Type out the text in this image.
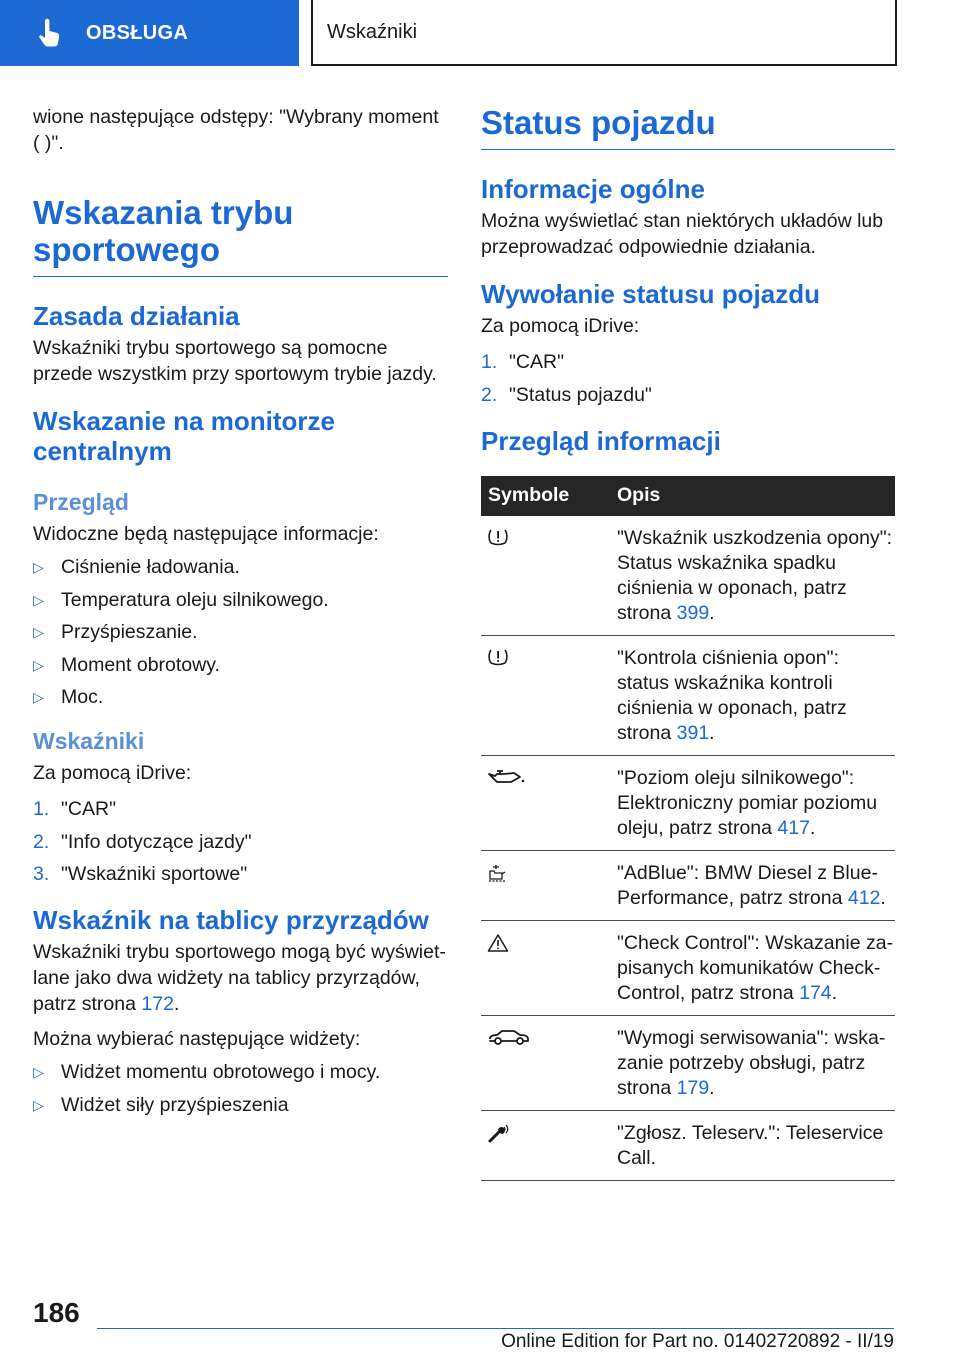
OBSŁUGA	Wskaźniki

wione następujące odstępy: "Wybrany moment ( )".

Wskazania trybu sportowego
Zasada działania

Wskaźniki trybu sportowego są pomocne przede wszystkim przy sportowym trybie jazdy.

Wskazanie na monitorze centralnym
Przegląd

Widoczne będą następujące informacje:

▷ Ciśnienie ładowania.
▷ Temperatura oleju silnikowego.
▷ Przyśpieszanie.
▷ Moment obrotowy.
▷ Moc.
Wskaźniki

Za pomocą iDrive:

1. "CAR"
2. "Info dotyczące jazdy"
3. "Wskaźniki sportowe"
Wskaźnik na tablicy przyrządów

Wskaźniki trybu sportowego mogą być wyświetlane jako dwa widżety na tablicy przyrządów, patrz strona 172.

Można wybierać następujące widżety:

▷ Widżet momentu obrotowego i mocy.
▷ Widżet siły przyśpieszenia
Status pojazdu
Informacje ogólne

Można wyświetlać stan niektórych układów lub przeprowadzać odpowiednie działania.

Wywołanie statusu pojazdu

Za pomocą iDrive:

1. "CAR"
2. "Status pojazdu"
Przegląd informacji
Symbole	Opis

	"Wskaźnik uszkodzenia opony": Status wskaźnika spadku ciśnienia w oponach, patrz strona 399.

	"Kontrola ciśnienia opon": status wskaźnika kontroli ciśnienia w oponach, patrz strona 391.

	"Poziom oleju silnikowego": Elektroniczny pomiar poziomu oleju, patrz strona 417.

	"AdBlue": BMW Diesel z BluePerformance, patrz strona 412.

	"Check Control": Wskazanie zapisanych komunikatów Check-Control, patrz strona 174.

	"Wymogi serwisowania": wskazanie potrzeby obsługi, patrz strona 179.

	"Zgłosz. Teleserv.": Teleservice Call.
186
Online Edition for Part no. 01402720892 - II/19
